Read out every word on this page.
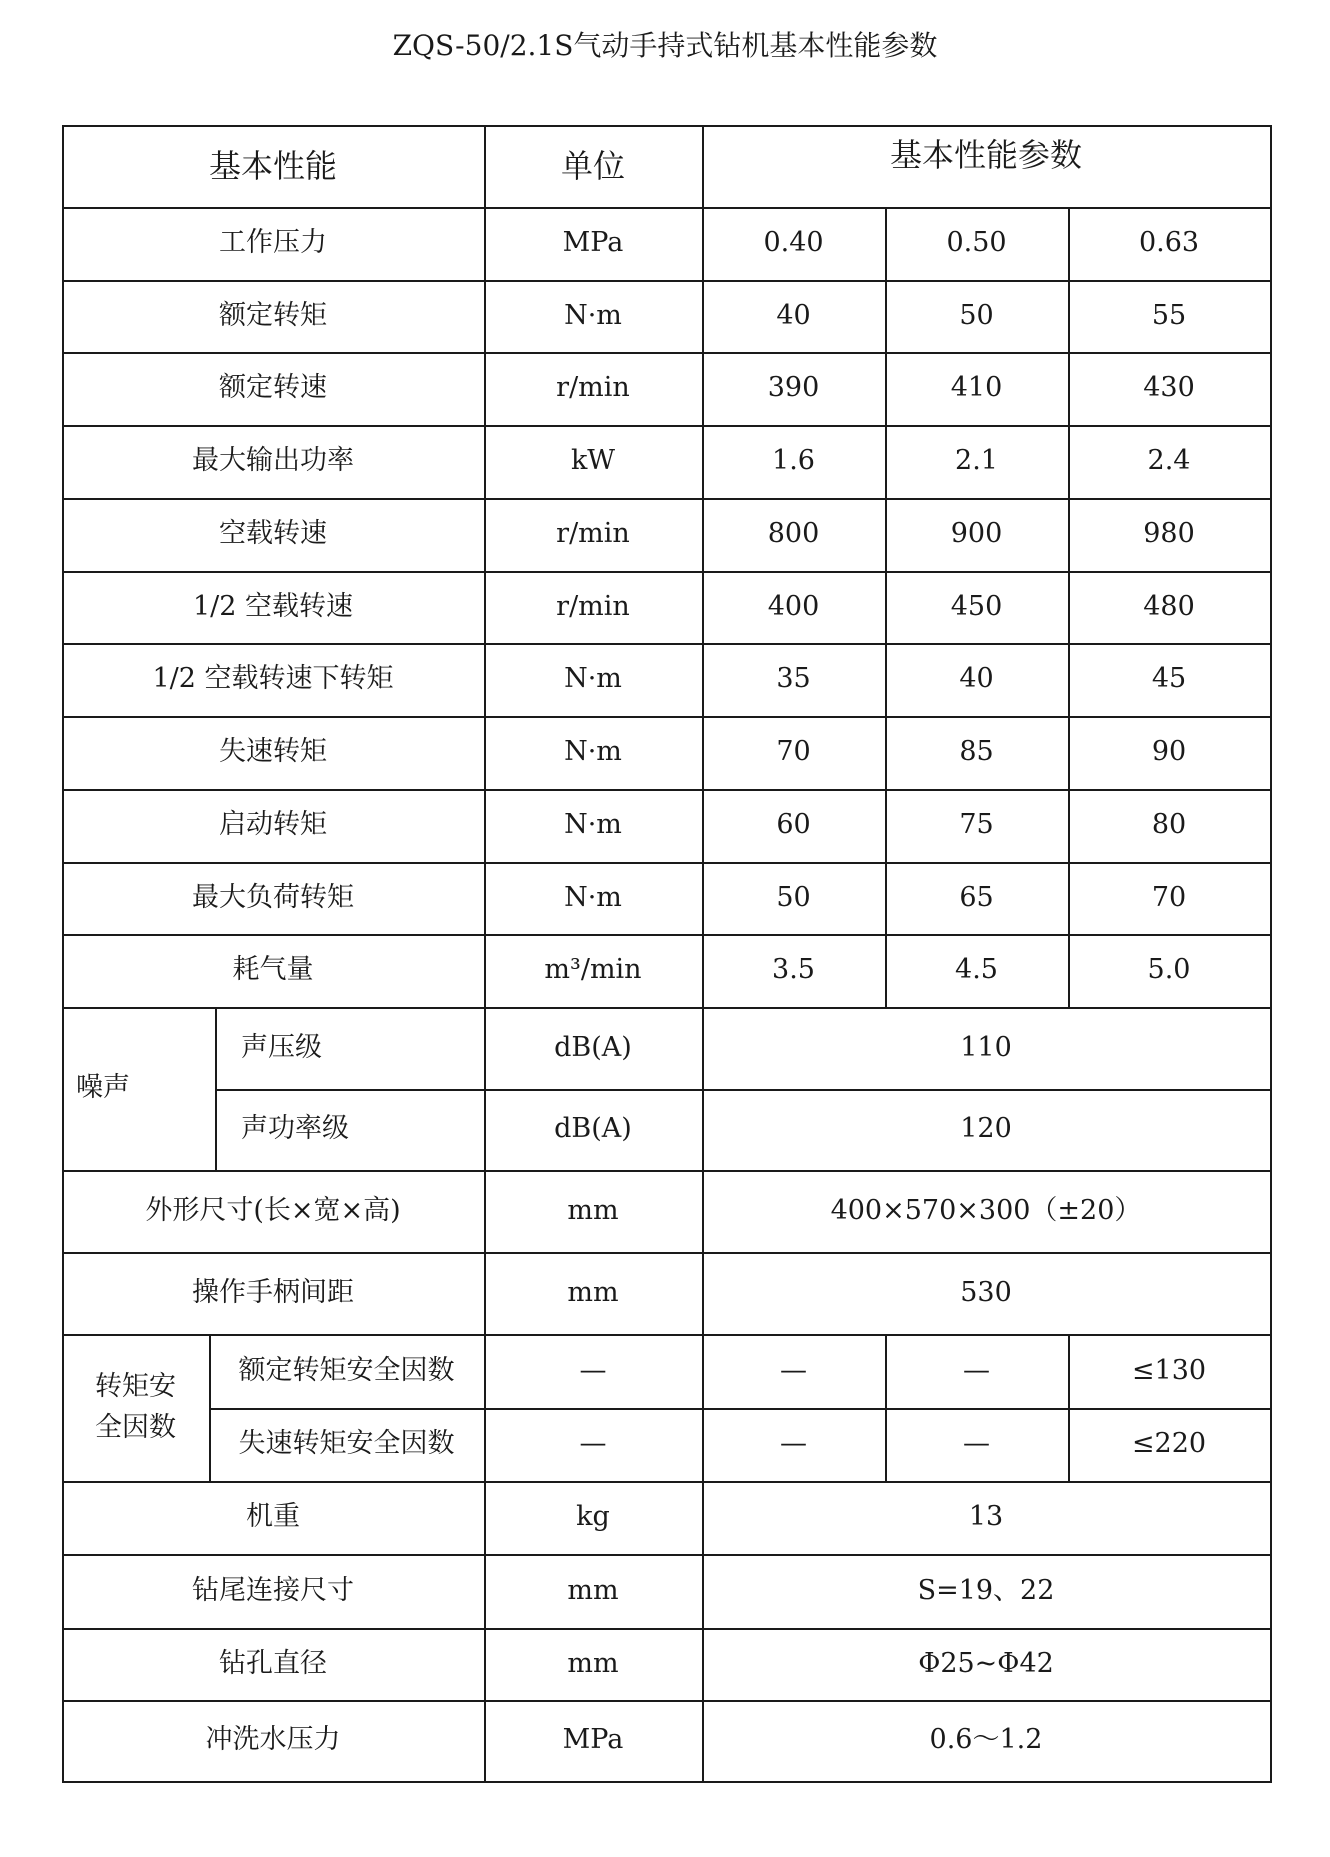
ZQS-50/2.1S气动手持式钻机基本性能参数
基本性能	单位	基本性能参数
工作压力	MPa	0.40	0.50	0.63
额定转矩	N·m	40	50	55
额定转速	r/min	390	410	430
最大输出功率	kW	1.6	2.1	2.4
空载转速	r/min	800	900	980
1/2 空载转速	r/min	400	450	480
1/2 空载转速下转矩	N·m	35	40	45
失速转矩	N·m	70	85	90
启动转矩	N·m	60	75	80
最大负荷转矩	N·m	50	65	70
耗气量	m³/min	3.5	4.5	5.0
噪声
声压级	dB(A)	110
声功率级	dB(A)	120
外形尺寸(长×宽×高)	mm	400×570×300（±20）
操作手柄间距	mm	530
转矩安
全因数
额定转矩安全因数	—	—	—	≤130
失速转矩安全因数	—	—	—	≤220
机重	kg	13
钻尾连接尺寸	mm	S=19、22
钻孔直径	mm	Φ25~Φ42
冲洗水压力	MPa	0.6～1.2
